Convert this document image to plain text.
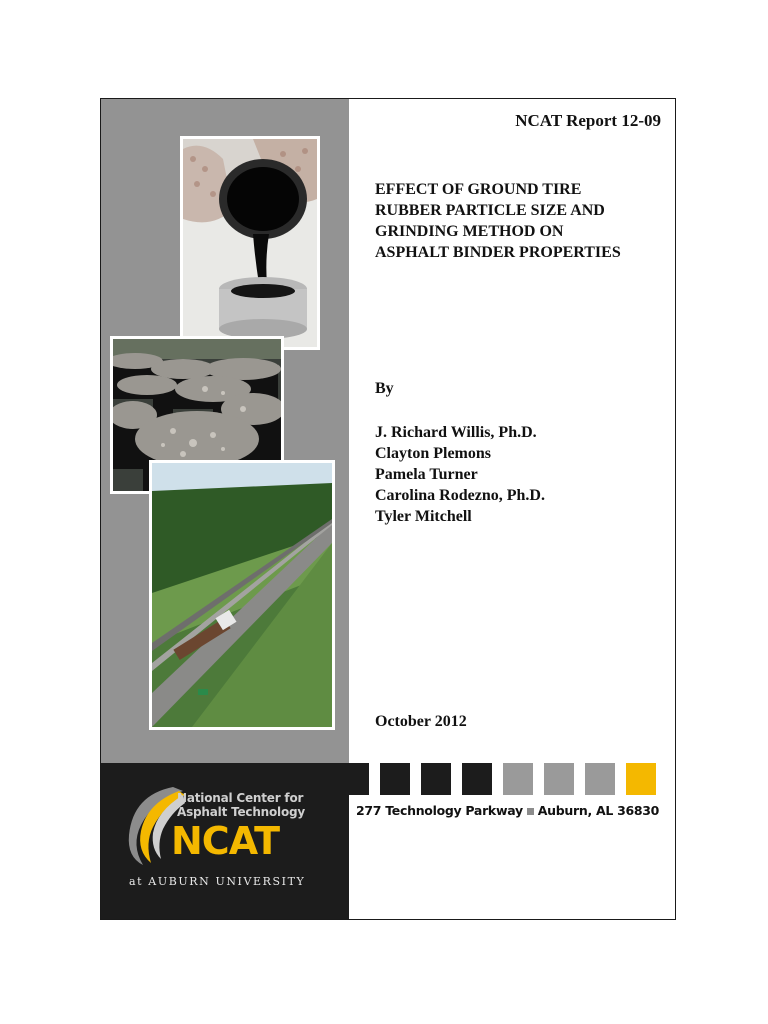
NCAT Report 12-09
EFFECT OF GROUND TIRE
RUBBER PARTICLE SIZE AND
GRINDING METHOD ON
ASPHALT BINDER PROPERTIES
By
J. Richard Willis, Ph.D.
Clayton Plemons
Pamela Turner
Carolina Rodezno, Ph.D.
Tyler Mitchell
October 2012
National Center for
Asphalt Technology
NCAT
at AUBURN UNIVERSITY
277 Technology Parkway Auburn, AL 36830
